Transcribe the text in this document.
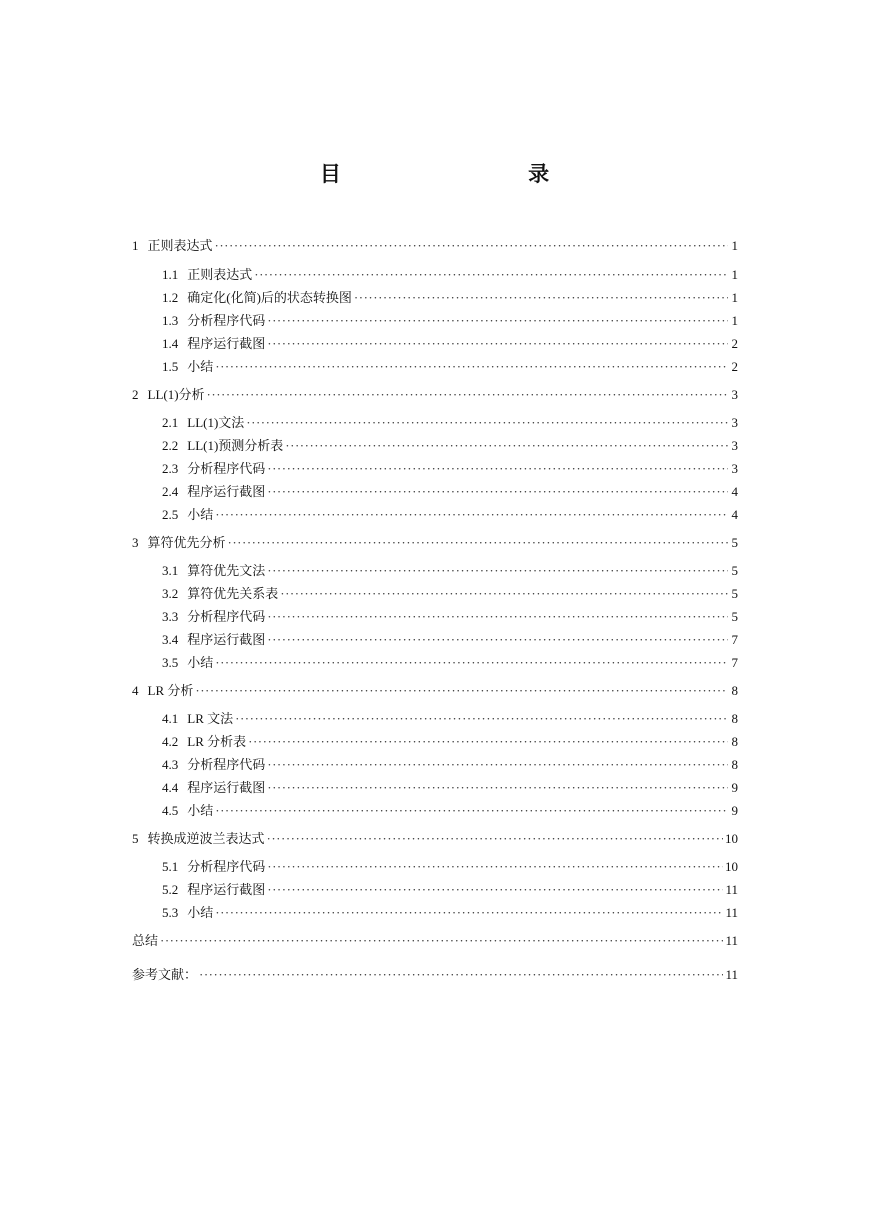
目 录
1 正则表达式 ·····	1
1.1 正则表达式 ·····	1
1.2 确定化(化简)后的状态转换图 ·····	1
1.3 分析程序代码 ·····	1
1.4 程序运行截图 ·····	2
1.5 小结 ·····	2
2 LL(1)分析 ·····	3
2.1 LL(1)文法 ·····	3
2.2 LL(1)预测分析表 ·····	3
2.3 分析程序代码 ·····	3
2.4 程序运行截图 ·····	4
2.5 小结 ·····	4
3 算符优先分析 ·····	5
3.1 算符优先文法 ·····	5
3.2 算符优先关系表 ·····	5
3.3 分析程序代码 ·····	5
3.4 程序运行截图 ·····	7
3.5 小结 ·····	7
4 LR 分析 ·····	8
4.1 LR 文法 ·····	8
4.2 LR 分析表 ·····	8
4.3 分析程序代码 ·····	8
4.4 程序运行截图 ·····	9
4.5 小结 ·····	9
5 转换成逆波兰表达式 ·····	10
5.1 分析程序代码 ·····	10
5.2 程序运行截图 ·····	11
5.3 小结 ·····	11
总结 ·····	11
参考文献： ·····	11
